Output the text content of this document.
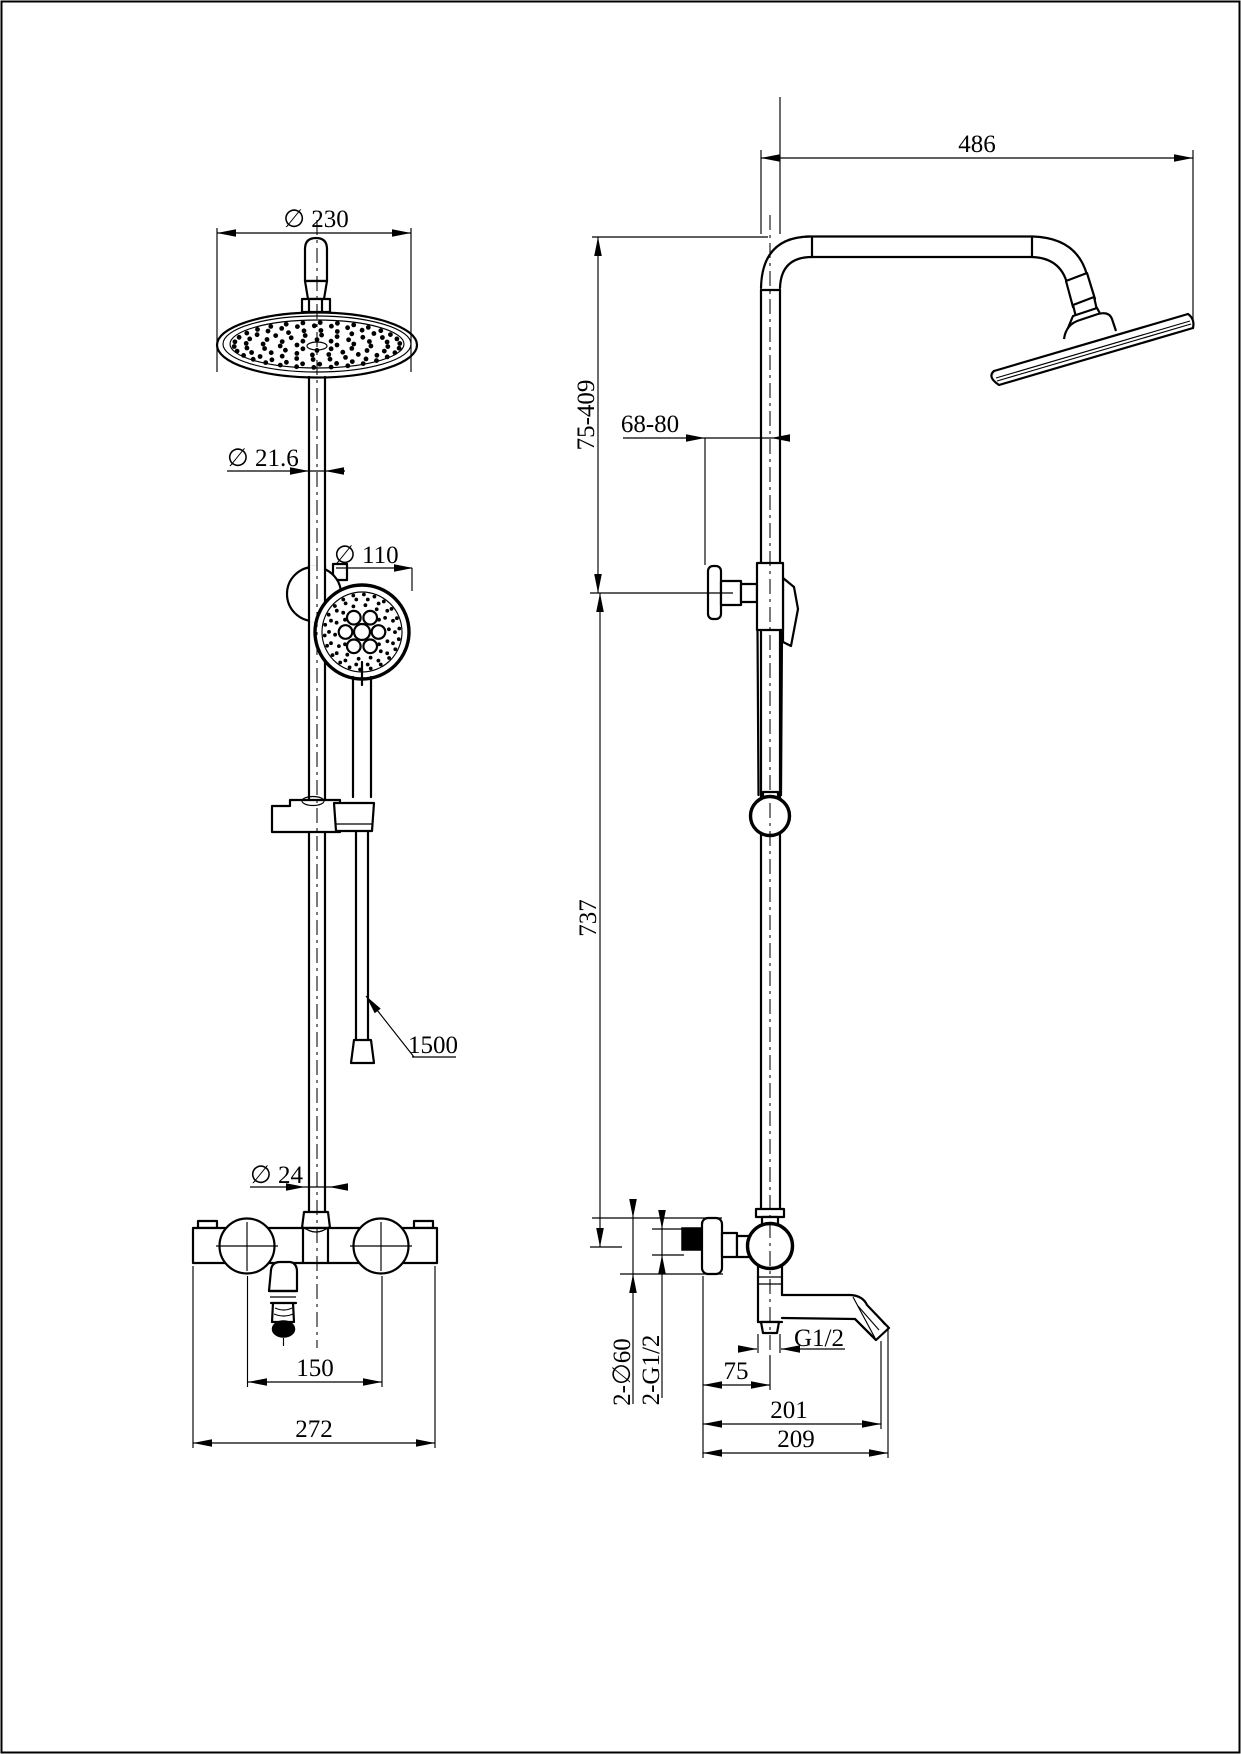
∅ 230
∅ 21.6
∅ 110
1500
∅ 24
150
272
486
75-409 68-80
737
2-∅60 2-G1/2	G1/2
75
201
209
